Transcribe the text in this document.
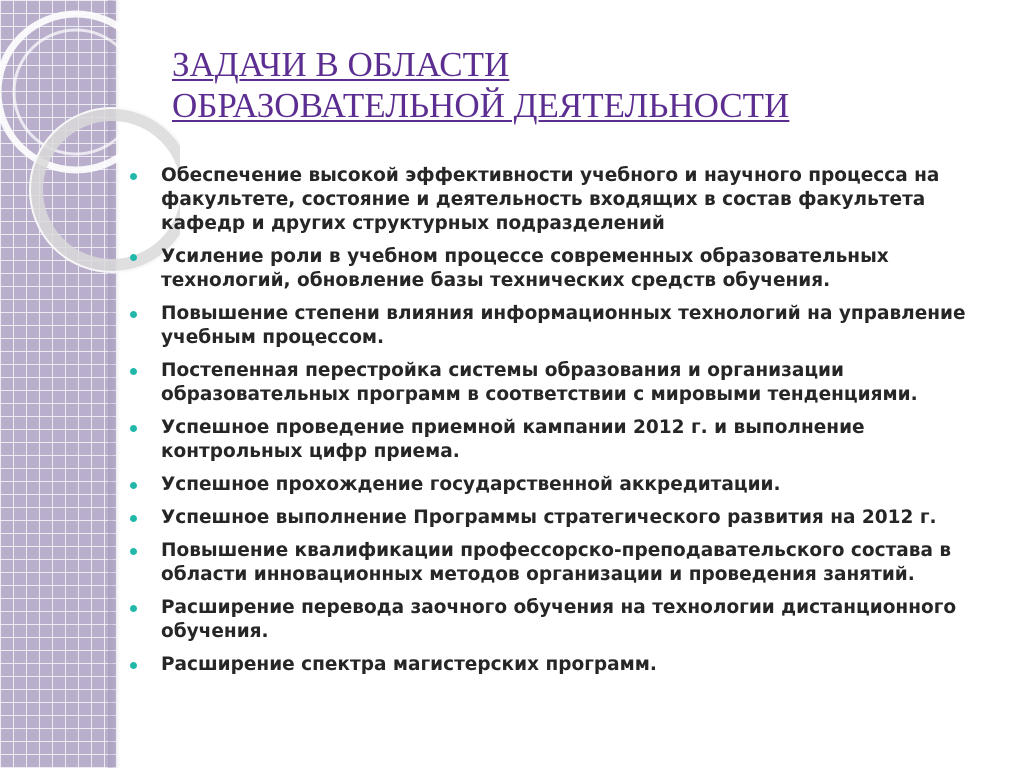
ЗАДАЧИ В ОБЛАСТИ
ОБРАЗОВАТЕЛЬНОЙ ДЕЯТЕЛЬНОСТИ
Обеспечение высокой эффективности учебного и научного процесса на факультете, состояние и деятельность входящих в состав факультета кафедр и других структурных подразделений
Усиление роли в учебном процессе современных образовательных технологий, обновление базы технических средств обучения.
Повышение степени влияния информационных технологий на управление учебным процессом.
Постепенная перестройка системы образования и организации образовательных программ в соответствии с мировыми тенденциями.
Успешное проведение приемной кампании 2012 г. и выполнение контрольных цифр приема.
Успешное прохождение государственной аккредитации.
Успешное выполнение Программы стратегического развития на 2012 г.
Повышение квалификации профессорско-преподавательского состава в области инновационных методов организации и проведения занятий.
Расширение перевода заочного обучения на технологии дистанционного обучения.
Расширение спектра магистерских программ.
